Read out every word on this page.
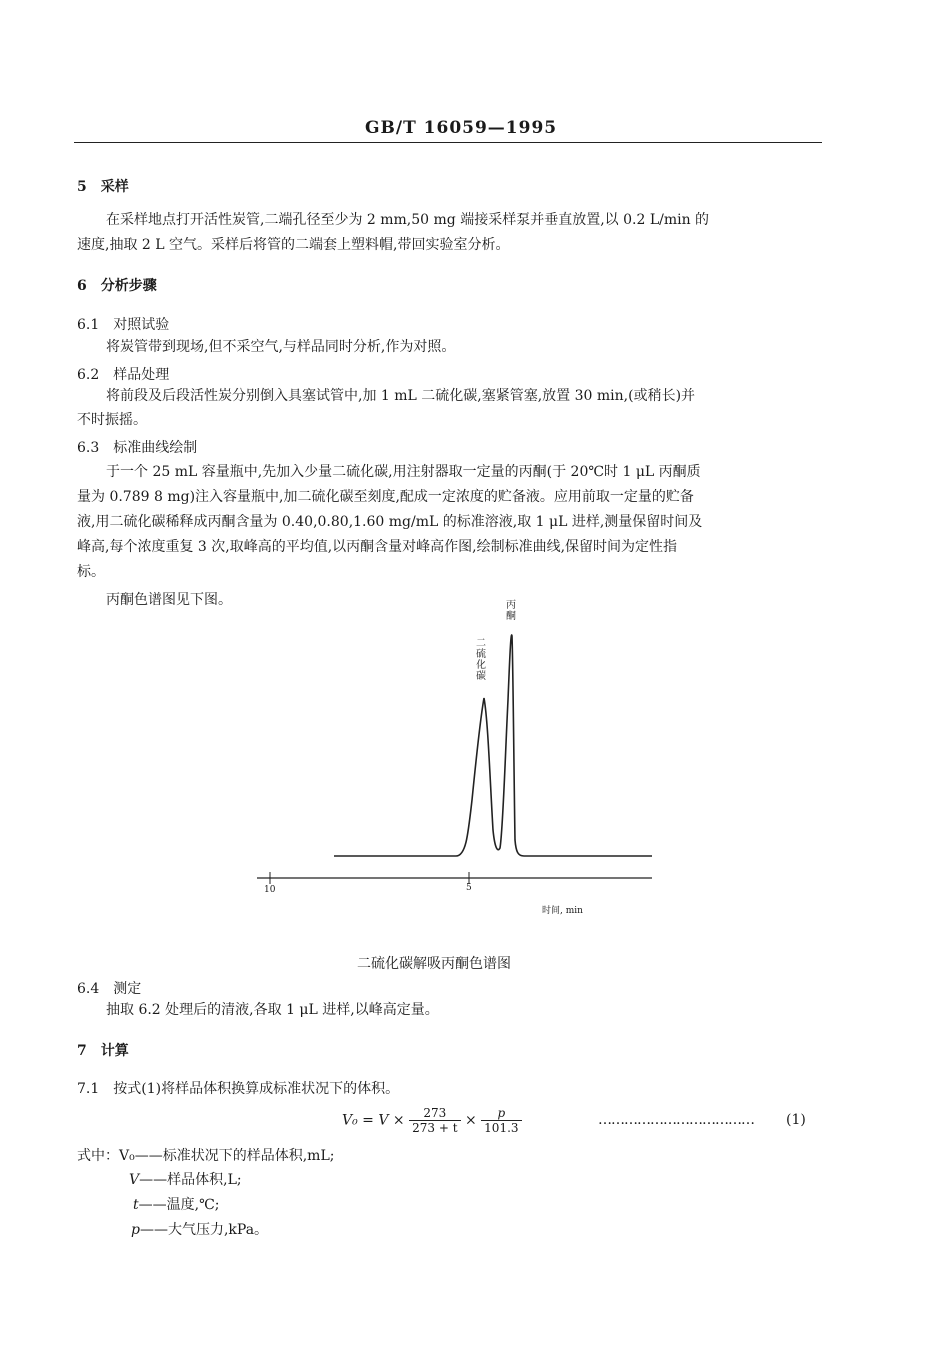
GB/T 16059—1995
5　采样
在采样地点打开活性炭管,二端孔径至少为 2 mm,50 mg 端接采样泵并垂直放置,以 0.2 L/min 的
速度,抽取 2 L 空气。采样后将管的二端套上塑料帽,带回实验室分析。
6　分析步骤
6.1　对照试验
将炭管带到现场,但不采空气,与样品同时分析,作为对照。
6.2　样品处理
将前段及后段活性炭分别倒入具塞试管中,加 1 mL 二硫化碳,塞紧管塞,放置 30 min,(或稍长)并
不时振摇。
6.3　标准曲线绘制
于一个 25 mL 容量瓶中,先加入少量二硫化碳,用注射器取一定量的丙酮(于 20℃时 1 μL 丙酮质
量为 0.789 8 mg)注入容量瓶中,加二硫化碳至刻度,配成一定浓度的贮备液。应用前取一定量的贮备
液,用二硫化碳稀释成丙酮含量为 0.40,0.80,1.60 mg/mL 的标准溶液,取 1 μL 进样,测量保留时间及
峰高,每个浓度重复 3 次,取峰高的平均值,以丙酮含量对峰高作图,绘制标准曲线,保留时间为定性指
标。
丙酮色谱图见下图。	丙酮
二硫化碳
10	5
时间, min
二硫化碳解吸丙酮色谱图
6.4　测定
抽取 6.2 处理后的清液,各取 1 μL 进样,以峰高定量。
7　计算
7.1　按式(1)将样品体积换算成标准状况下的体积。
$V_0 = V \times \frac{273}{273 + t} \times \frac{p}{101.3}$	……………………………… (1)
式中：V₀——标准状况下的样品体积,mL;
V——样品体积,L;
t——温度,℃;
p——大气压力,kPa。
